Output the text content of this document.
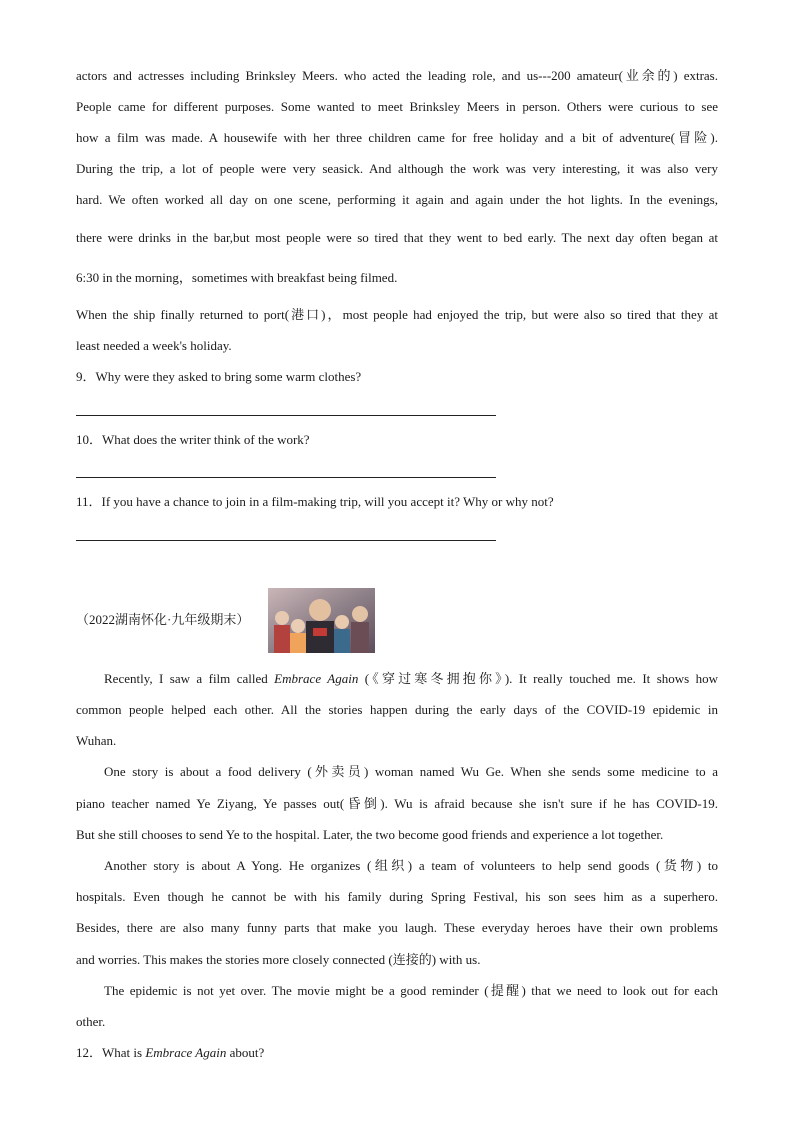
actors and actresses including Brinksley Meers. who acted the leading role, and us---200 amateur(业余的) extras.

People came for different purposes. Some wanted to meet Brinksley Meers in person. Others were curious to see

how a film was made. A housewife with her three children came for free holiday and a bit of adventure(冒险).

During the trip, a lot of people were very seasick. And although the work was very interesting, it was also very

hard. We often worked all day on one scene, performing it again and again under the hot lights. In the evenings,

there were drinks in the bar,but most people were so tired that they went to bed early. The next day often began at

6:30 in the morning，sometimes with breakfast being filmed.

When the ship finally returned to port(港口)，most people had enjoyed the trip, but were also so tired that they at

least needed a week's holiday.

9．Why were they asked to bring some warm clothes?

10．What does the writer think of the work?

11．If you have a chance to join in a film-making trip, will you accept it? Why or why not?

（2022湖南怀化·九年级期末）

Recently, I saw a film called Embrace Again (《穿过寒冬拥抱你》). It really touched me. It shows how

common people helped each other. All the stories happen during the early days of the COVID-19 epidemic in

Wuhan.

One story is about a food delivery (外卖员) woman named Wu Ge. When she sends some medicine to a

piano teacher named Ye Ziyang, Ye passes out(昏倒). Wu is afraid because she isn't sure if he has COVID-19.

But she still chooses to send Ye to the hospital. Later, the two become good friends and experience a lot together.

Another story is about A Yong. He organizes (组织) a team of volunteers to help send goods (货物) to

hospitals. Even though he cannot be with his family during Spring Festival, his son sees him as a superhero.

Besides, there are also many funny parts that make you laugh. These everyday heroes have their own problems

and worries. This makes the stories more closely connected (连接的) with us.

The epidemic is not yet over. The movie might be a good reminder (提醒) that we need to look out for each

other.

12．What is Embrace Again about?
